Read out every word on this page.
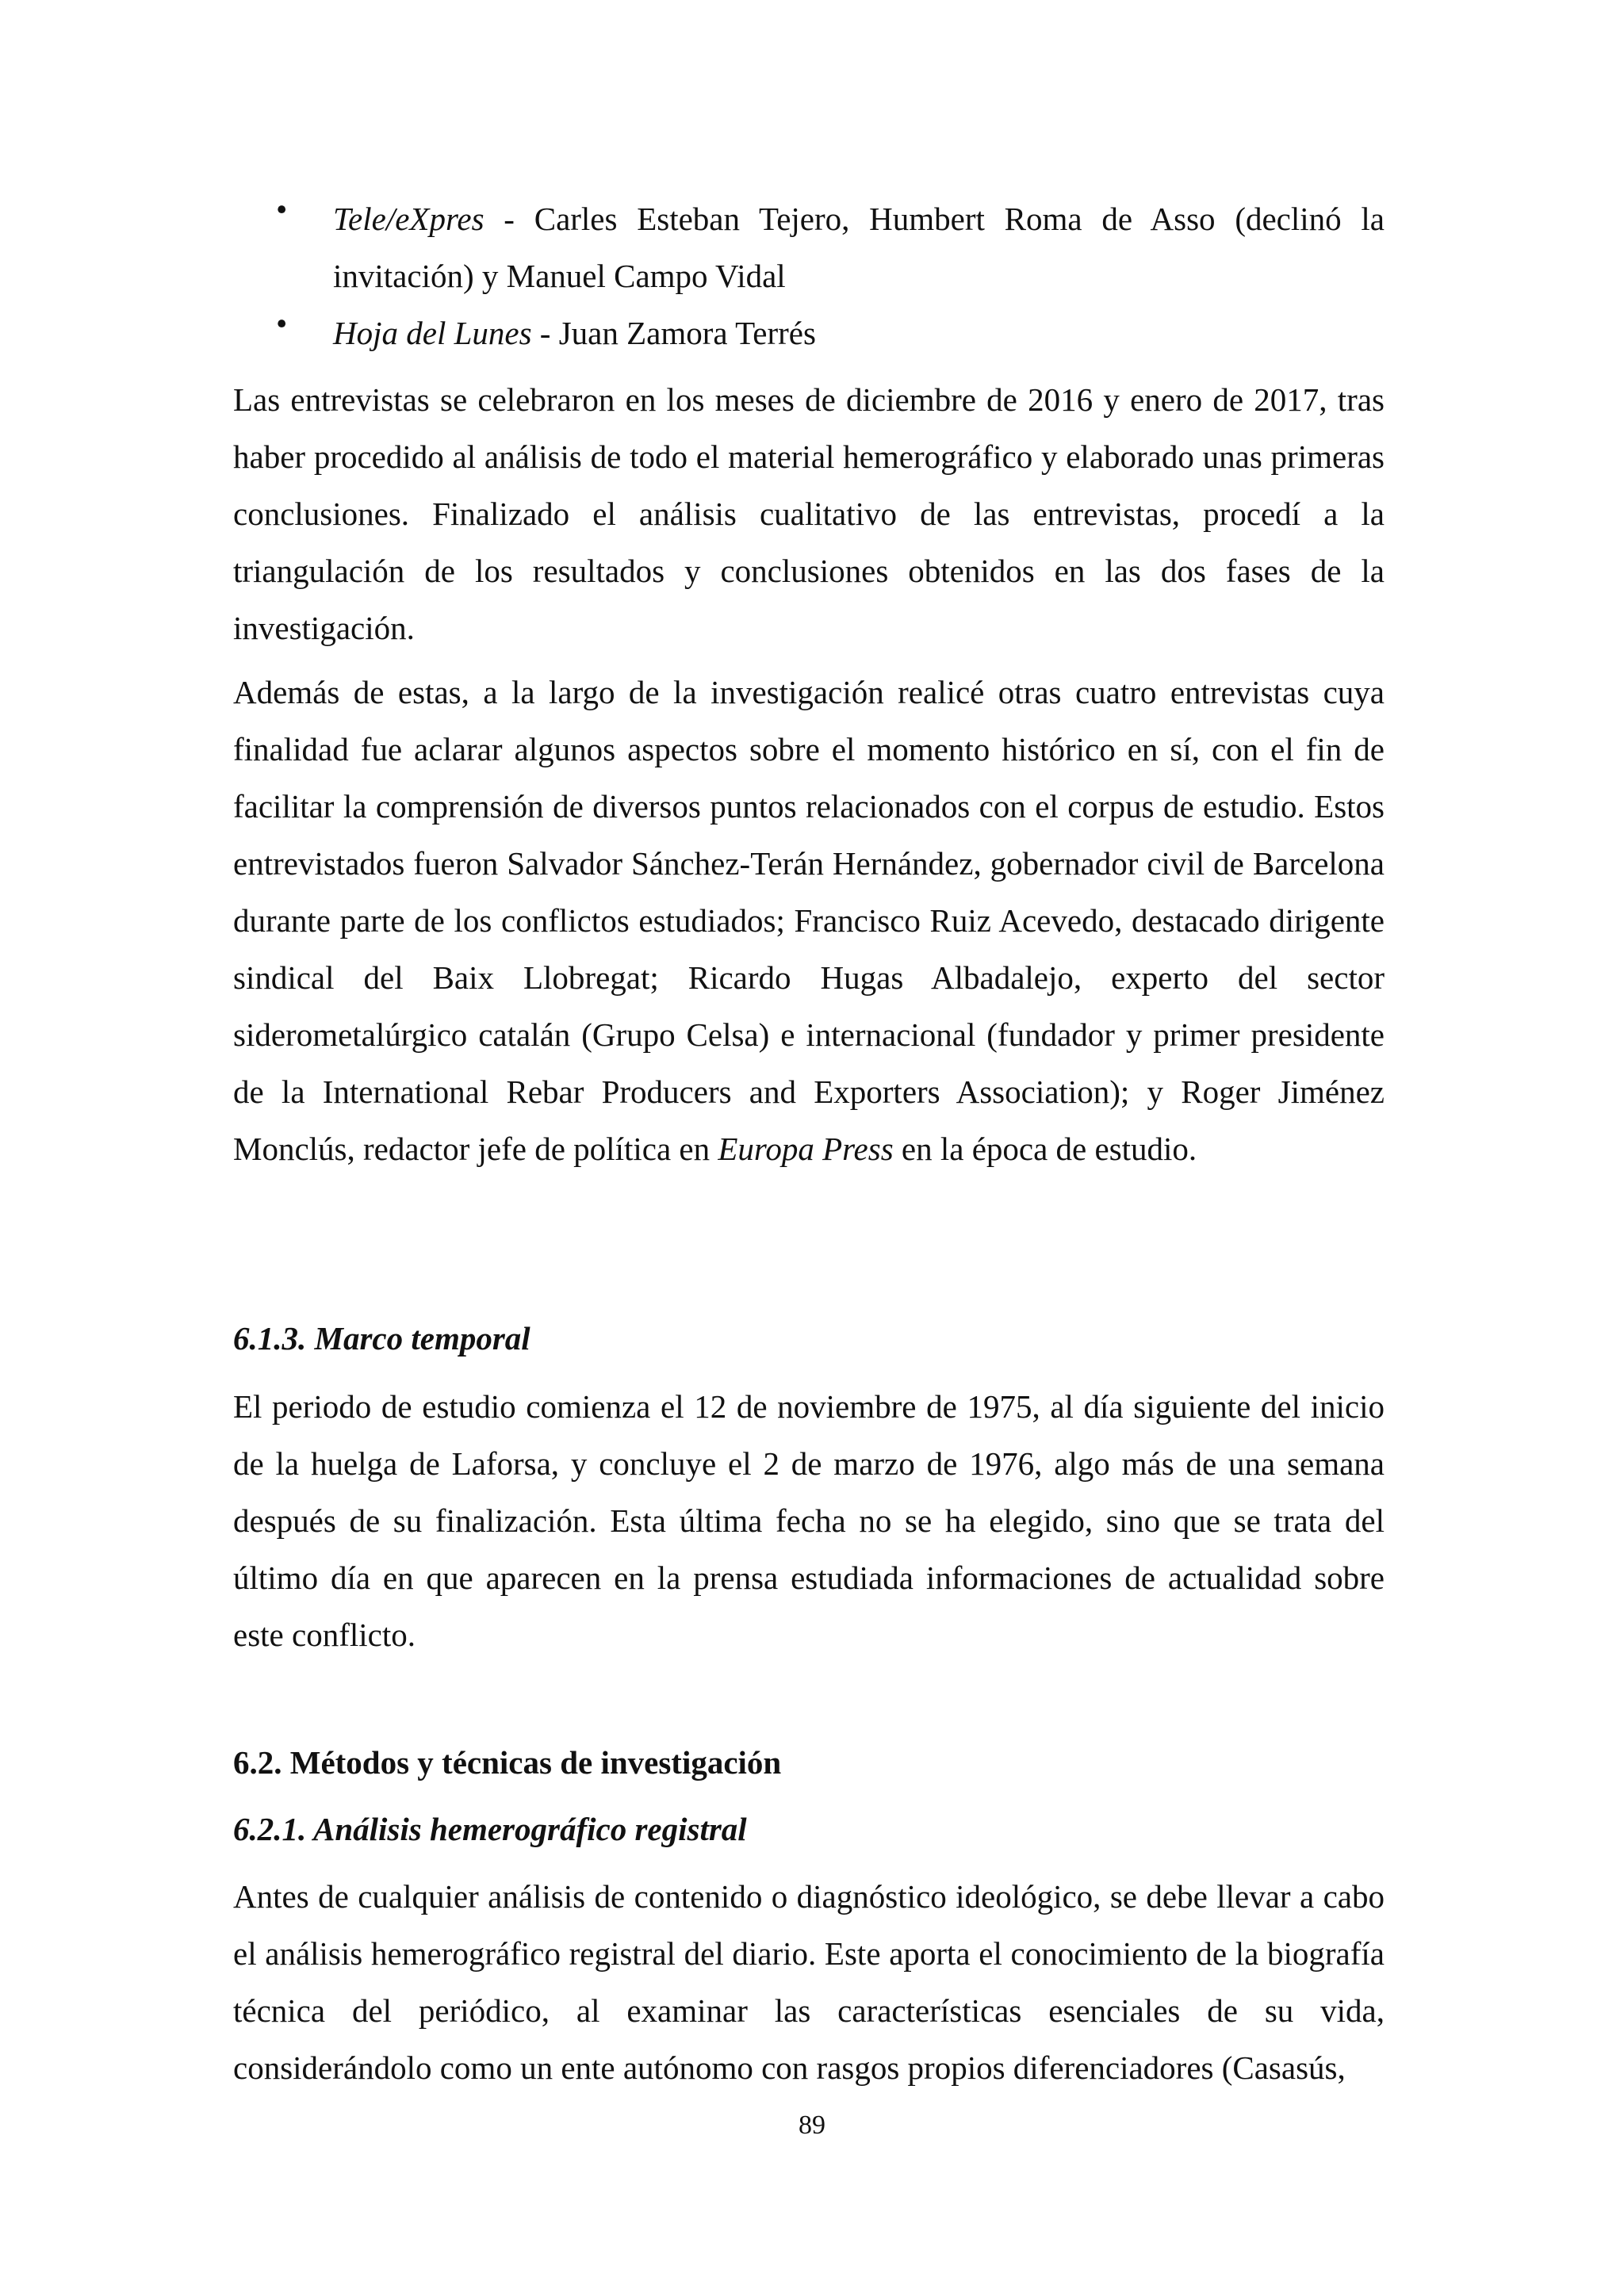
• Tele/eXpres - Carles Esteban Tejero, Humbert Roma de Asso (declinó la invitación) y Manuel Campo Vidal
• Hoja del Lunes - Juan Zamora Terrés

Las entrevistas se celebraron en los meses de diciembre de 2016 y enero de 2017, tras haber procedido al análisis de todo el material hemerográfico y elaborado unas primeras conclusiones. Finalizado el análisis cualitativo de las entrevistas, procedí a la triangulación de los resultados y conclusiones obtenidos en las dos fases de la investigación.

Además de estas, a la largo de la investigación realicé otras cuatro entrevistas cuya finalidad fue aclarar algunos aspectos sobre el momento histórico en sí, con el fin de facilitar la comprensión de diversos puntos relacionados con el corpus de estudio. Estos entrevistados fueron Salvador Sánchez-Terán Hernández, gobernador civil de Barcelona durante parte de los conflictos estudiados; Francisco Ruiz Acevedo, destacado dirigente sindical del Baix Llobregat; Ricardo Hugas Albadalejo, experto del sector siderometalúrgico catalán (Grupo Celsa) e internacional (fundador y primer presidente de la International Rebar Producers and Exporters Association); y Roger Jiménez Monclús, redactor jefe de política en Europa Press en la época de estudio.

6.1.3. Marco temporal

El periodo de estudio comienza el 12 de noviembre de 1975, al día siguiente del inicio de la huelga de Laforsa, y concluye el 2 de marzo de 1976, algo más de una semana después de su finalización. Esta última fecha no se ha elegido, sino que se trata del último día en que aparecen en la prensa estudiada informaciones de actualidad sobre este conflicto.

6.2. Métodos y técnicas de investigación
6.2.1. Análisis hemerográfico registral

Antes de cualquier análisis de contenido o diagnóstico ideológico, se debe llevar a cabo el análisis hemerográfico registral del diario. Este aporta el conocimiento de la biografía técnica del periódico, al examinar las características esenciales de su vida, considerándolo como un ente autónomo con rasgos propios diferenciadores (Casasús,

89
